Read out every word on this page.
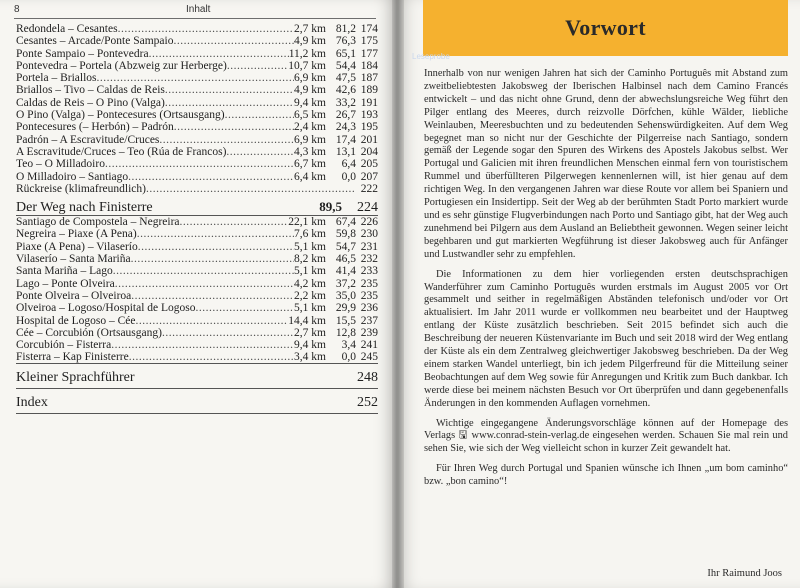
8	Inhalt
Redondela – Cesantes .....	2,7 km 81,2 174
Cesantes – Arcade/Ponte Sampaio .....	4,9 km 76,3 175
Ponte Sampaio – Pontevedra .....	11,2 km 65,1 177
Pontevedra – Portela (Abzweig zur Herberge) .....	10,7 km 54,4 184
Portela – Briallos .....	6,9 km 47,5 187
Briallos – Tivo – Caldas de Reis .....	4,9 km 42,6 189
Caldas de Reis – O Pino (Valga) .....	9,4 km 33,2 191
O Pino (Valga) – Pontecesures (Ortsausgang) .....	6,5 km 26,7 193
Pontecesures (– Herbón) – Padrón .....	2,4 km 24,3 195
Padrón – A Escravitude/Cruces .....	6,9 km 17,4 201
A Escravitude/Cruces – Teo (Rúa de Francos) .....	4,3 km 13,1 204
Teo – O Milladoiro .....	6,7 km	6,4 205
O Milladoiro – Santiago .....	6,4 km	0,0 207
Rückreise (klimafreundlich) .....	222
Der Weg nach Finisterre	89,5 224
Santiago de Compostela – Negreira .....	22,1 km 67,4 226
Negreira – Piaxe (A Pena) .....	7,6 km 59,8 230
Piaxe (A Pena) – Vilaserío .....	5,1 km 54,7 231
Vilaserío – Santa Mariña .....	8,2 km 46,5 232
Santa Mariña – Lago .....	5,1 km 41,4 233
Lago – Ponte Olveira .....	4,2 km 37,2 235
Ponte Olveira – Olveiroa .....	2,2 km 35,0 235
Olveiroa – Logoso/Hospital de Logoso .....	5,1 km 29,9 236
Hospital de Logoso – Cée .....	14,4 km 15,5 237
Cée – Corcubión (Ortsausgang) .....	2,7 km 12,8 239
Corcubión – Fisterra .....	9,4 km	3,4 241
Fisterra – Kap Finisterre .....	3,4 km	0,0 245
Kleiner Sprachführer	248
Index	252
Vorwort
Leseprobe

Innerhalb von nur wenigen Jahren hat sich der Caminho Português mit Abstand zum zweitbeliebtesten Jakobsweg der Iberischen Halbinsel nach dem Camino Francés entwickelt – und das nicht ohne Grund, denn der abwechslungsreiche Weg führt den Pilger entlang des Meeres, durch reizvolle Dörfchen, kühle Wälder, liebliche Weinlauben, Meeresbuchten und zu bedeutenden Sehenswürdigkeiten. Auf dem Weg begegnet man so nicht nur der Geschichte der Pilgerreise nach Santiago, sondern gemäß der Legende sogar den Spuren des Wirkens des Apostels Jakobus selbst. Wer Portugal und Galicien mit ihren freundlichen Menschen einmal fern von touristischem Rummel und überfüllteren Pilgerwegen kennenlernen will, ist hier genau auf dem richtigen Weg. In den vergangenen Jahren war diese Route vor allem bei Spaniern und Portugiesen ein Insidertipp. Seit der Weg ab der berühmten Stadt Porto markiert wurde und es sehr günstige Flugverbindungen nach Porto und Santiago gibt, hat der Weg auch zunehmend bei Pilgern aus dem Ausland an Beliebtheit gewonnen. Wegen seiner leicht begehbaren und gut markierten Wegführung ist dieser Jakobsweg auch für Anfänger und Lustwandler sehr zu empfehlen.

Die Informationen zu dem hier vorliegenden ersten deutschsprachigen Wanderführer zum Caminho Português wurden erstmals im August 2005 vor Ort gesammelt und seither in regelmäßigen Abständen telefonisch und/oder vor Ort aktualisiert. Im Jahr 2011 wurde er vollkommen neu bearbeitet und der Hauptweg entlang der Küste zusätzlich beschrieben. Seit 2015 befindet sich auch die Beschreibung der neueren Küstenvariante im Buch und seit 2018 wird der Weg entlang der Küste als ein dem Zentralweg gleichwertiger Jakobsweg beschrieben. Da der Weg einem starken Wandel unterliegt, bin ich jedem Pilgerfreund für die Mitteilung seiner Beobachtungen auf dem Weg sowie für Anregungen und Kritik zum Buch dankbar. Ich werde diese bei meinem nächsten Besuch vor Ort überprüfen und dann gegebenenfalls Änderungen in den kommenden Auflagen vornehmen.

Wichtige eingegangene Änderungsvorschläge können auf der Homepage des Verlags 🖫 www.conrad-stein-verlag.de eingesehen werden. Schauen Sie mal rein und sehen Sie, wie sich der Weg vielleicht schon in kurzer Zeit gewandelt hat.

Für Ihren Weg durch Portugal und Spanien wünsche ich Ihnen „um bom caminho“ bzw. „bon camino“!

Ihr Raimund Joos
